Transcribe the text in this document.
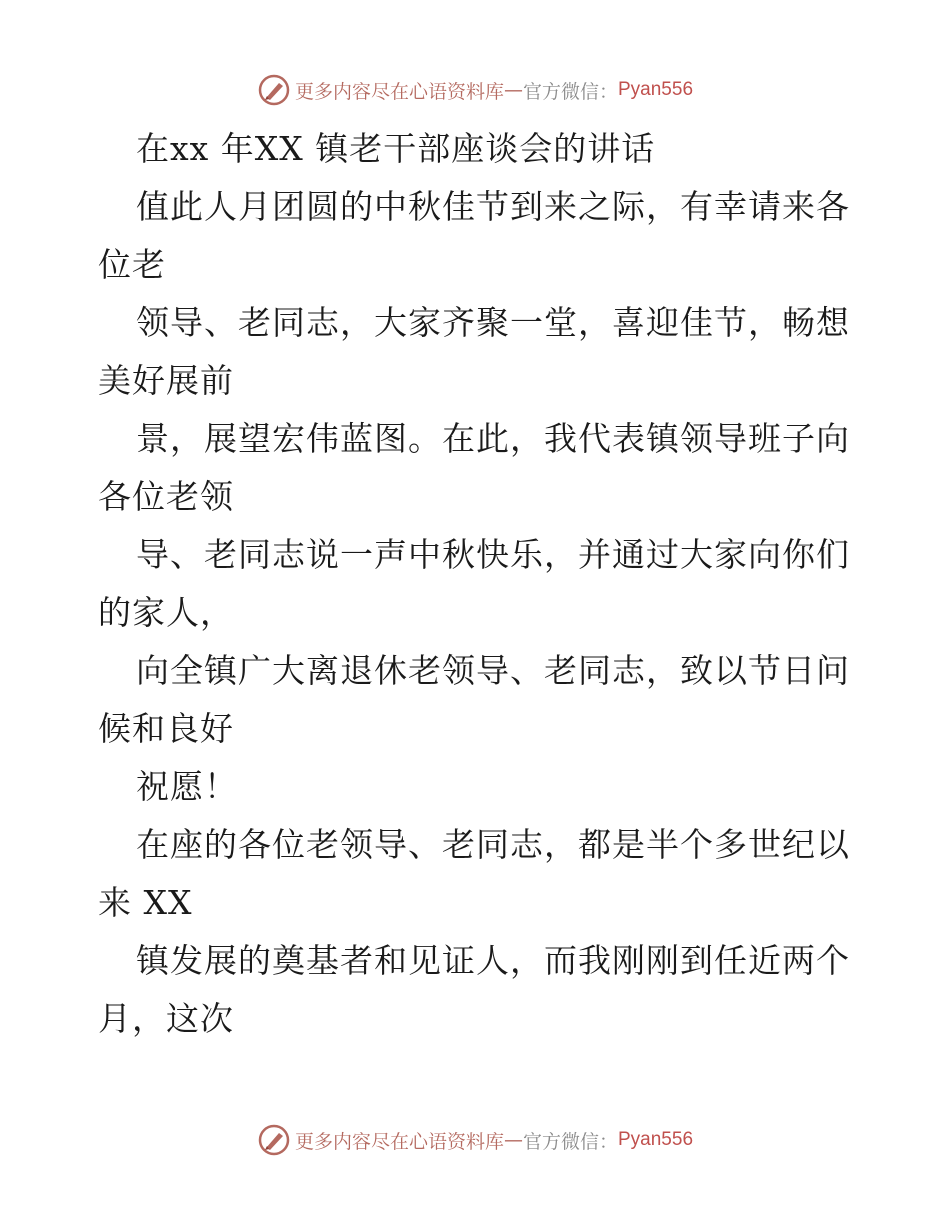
更多内容尽在心语资料库 — 官方微信： Pyan556
在xx 年XX 镇老干部座谈会的讲话
值此人月团圆的中秋佳节到来之际，有幸请来各
位老
领导、老同志，大家齐聚一堂，喜迎佳节，畅想
美好展前
景，展望宏伟蓝图。在此，我代表镇领导班子向
各位老领
导、老同志说一声中秋快乐，并通过大家向你们
的家人，
向全镇广大离退休老领导、老同志，致以节日问
候和良好
祝愿！
在座的各位老领导、老同志，都是半个多世纪以
来 XX
镇发展的奠基者和见证人，而我刚刚到任近两个
月，这次
更多内容尽在心语资料库 — 官方微信： Pyan556
